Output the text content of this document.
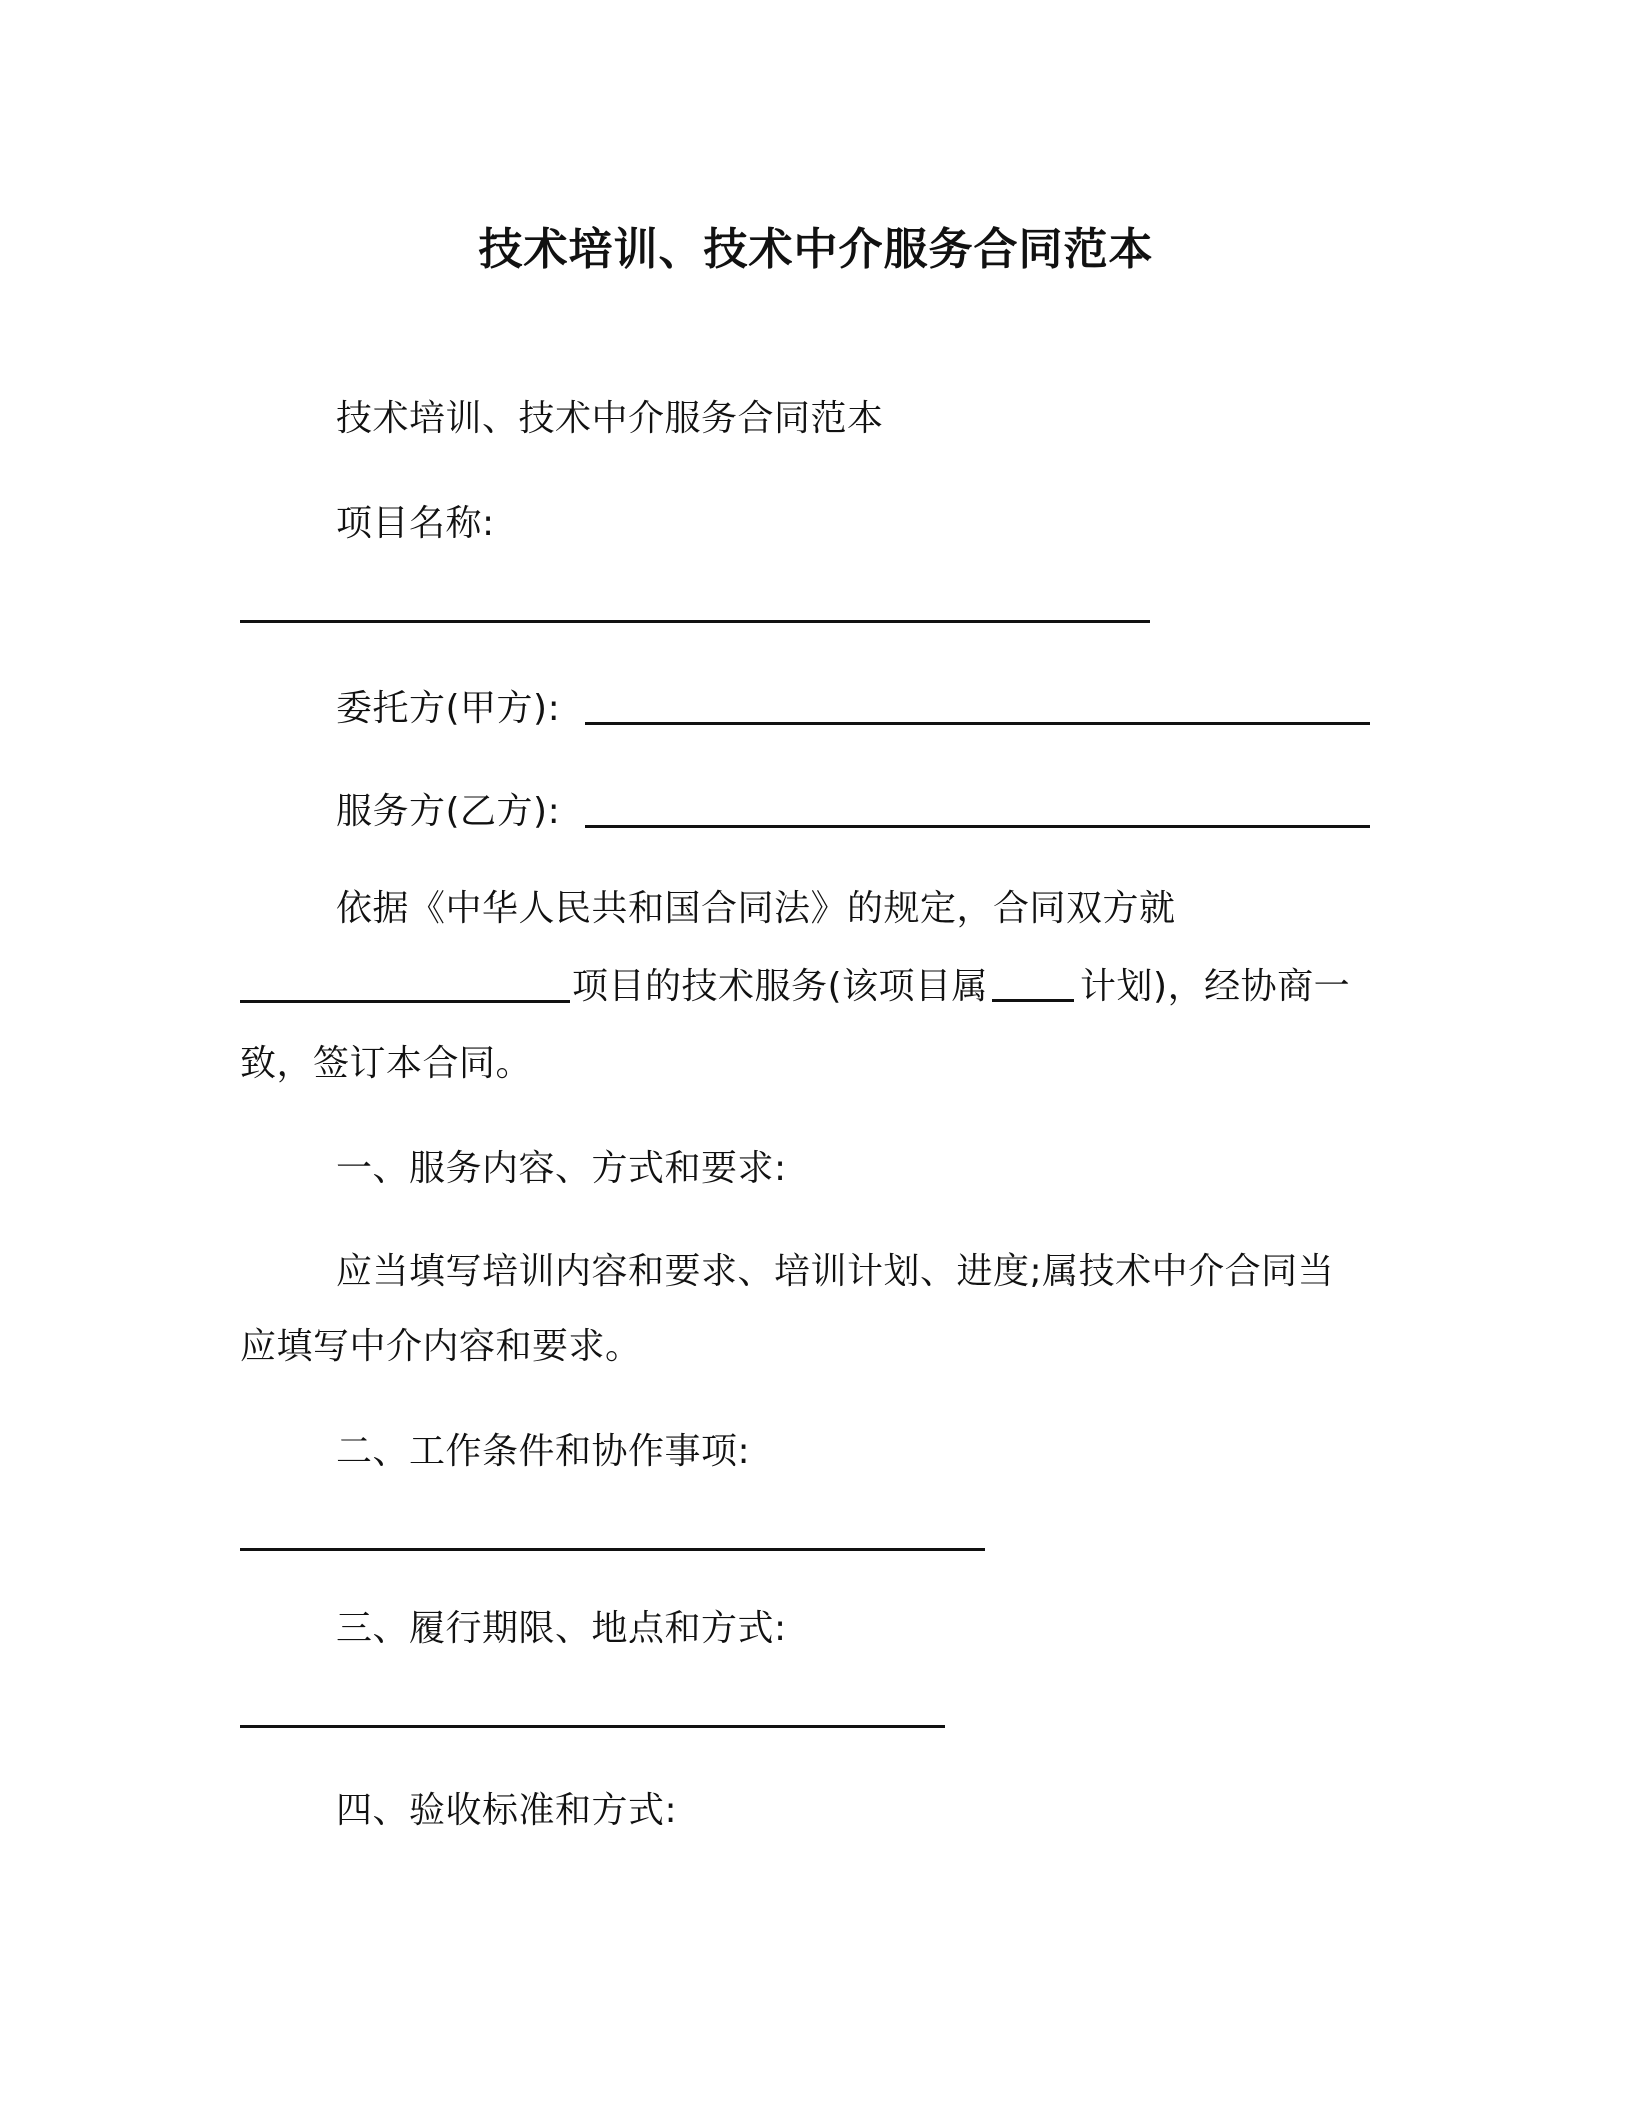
技术培训、技术中介服务合同范本
技术培训、技术中介服务合同范本
项目名称:
委托方(甲方):
服务方(乙方):
依据《中华人民共和国合同法》的规定，合同双方就
项目的技术服务(该项目属	计划)，经协商一
致，签订本合同。
一、服务内容、方式和要求:
应当填写培训内容和要求、培训计划、进度;属技术中介合同当
应填写中介内容和要求。
二、工作条件和协作事项:
三、履行期限、地点和方式:
四、验收标准和方式:
